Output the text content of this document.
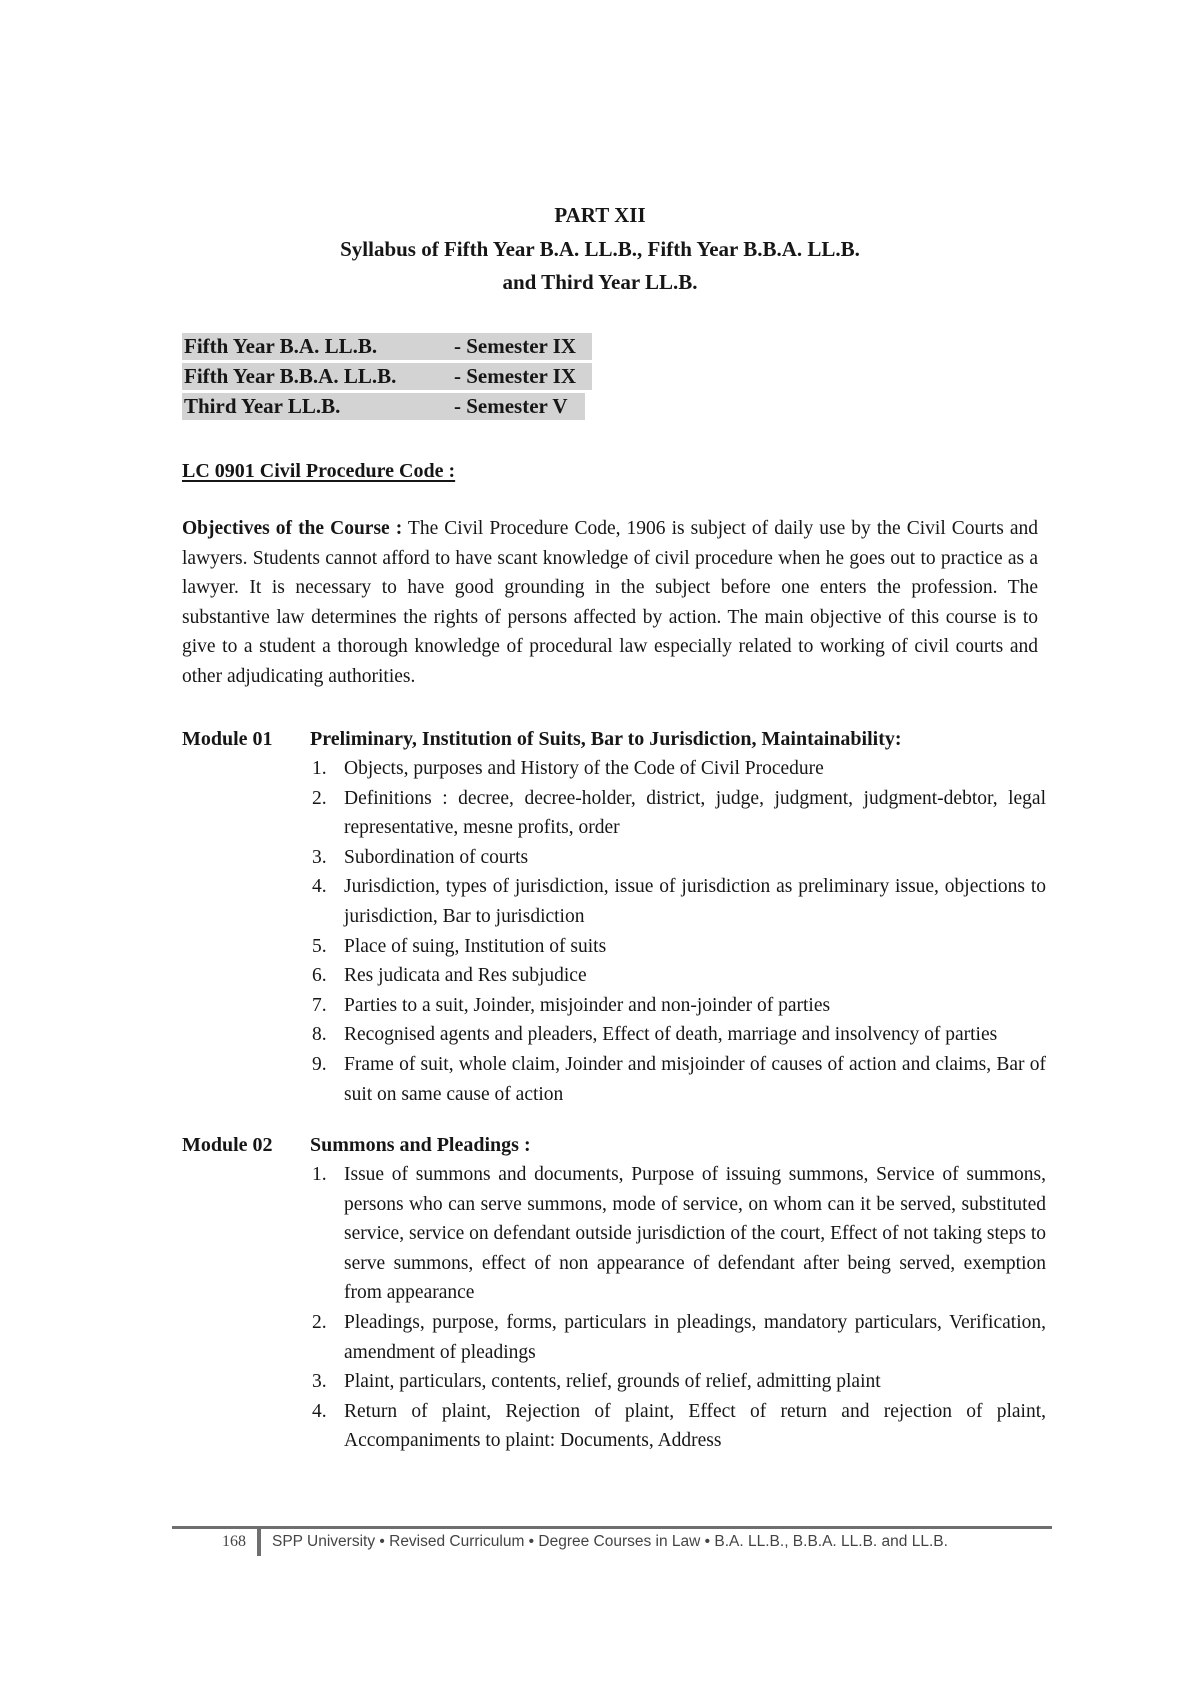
PART XII
Syllabus of Fifth Year B.A. LL.B., Fifth Year B.B.A. LL.B.
and Third Year LL.B.
Fifth Year B.A. LL.B.	- Semester IX
Fifth Year B.B.A. LL.B.	- Semester IX
Third Year LL.B.	- Semester V
LC 0901 Civil Procedure Code :
Objectives of the Course : The Civil Procedure Code, 1906 is subject of daily use by the Civil Courts and lawyers. Students cannot afford to have scant knowledge of civil procedure when he goes out to practice as a lawyer. It is necessary to have good grounding in the subject before one enters the profession. The substantive law determines the rights of persons affected by action. The main objective of this course is to give to a student a thorough knowledge of procedural law especially related to working of civil courts and other adjudicating authorities.
Module 01 Preliminary, Institution of Suits, Bar to Jurisdiction, Maintainability:
1. Objects, purposes and History of the Code of Civil Procedure
2. Definitions : decree, decree-holder, district, judge, judgment, judgment-debtor, legal representative, mesne profits, order
3. Subordination of courts
4. Jurisdiction, types of jurisdiction, issue of jurisdiction as preliminary issue, objections to jurisdiction, Bar to jurisdiction
5. Place of suing, Institution of suits
6. Res judicata and Res subjudice
7. Parties to a suit, Joinder, misjoinder and non-joinder of parties
8. Recognised agents and pleaders, Effect of death, marriage and insolvency of parties
9. Frame of suit, whole claim, Joinder and misjoinder of causes of action and claims, Bar of suit on same cause of action
Module 02 Summons and Pleadings :
1. Issue of summons and documents, Purpose of issuing summons, Service of summons, persons who can serve summons, mode of service, on whom can it be served, substituted service, service on defendant outside jurisdiction of the court, Effect of not taking steps to serve summons, effect of non appearance of defendant after being served, exemption from appearance
2. Pleadings, purpose, forms, particulars in pleadings, mandatory particulars, Verification, amendment of pleadings
3. Plaint, particulars, contents, relief, grounds of relief, admitting plaint
4. Return of plaint, Rejection of plaint, Effect of return and rejection of plaint, Accompaniments to plaint: Documents, Address
168 SPP University • Revised Curriculum • Degree Courses in Law • B.A. LL.B., B.B.A. LL.B. and LL.B.
